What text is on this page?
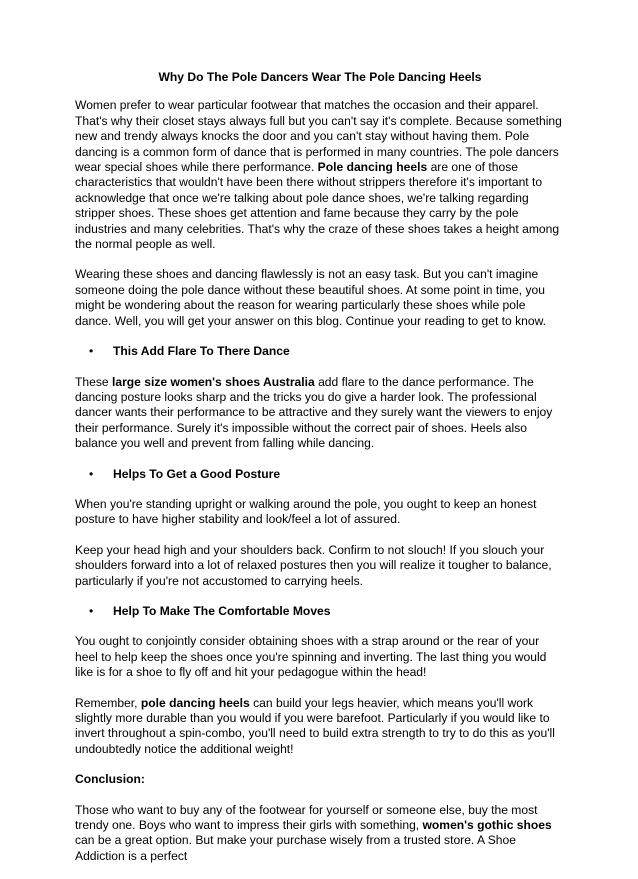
Why Do The Pole Dancers Wear The Pole Dancing Heels

Women prefer to wear particular footwear that matches the occasion and their apparel. That's why their closet stays always full but you can't say it's complete. Because something new and trendy always knocks the door and you can't stay without having them. Pole dancing is a common form of dance that is performed in many countries. The pole dancers wear special shoes while there performance. Pole dancing heels are one of those characteristics that wouldn't have been there without strippers therefore it's important to acknowledge that once we're talking about pole dance shoes, we're talking regarding stripper shoes. These shoes get attention and fame because they carry by the pole industries and many celebrities. That's why the craze of these shoes takes a height among the normal people as well.

Wearing these shoes and dancing flawlessly is not an easy task. But you can't imagine someone doing the pole dance without these beautiful shoes. At some point in time, you might be wondering about the reason for wearing particularly these shoes while pole dance. Well, you will get your answer on this blog. Continue your reading to get to know.

• This Add Flare To There Dance

These large size women's shoes Australia add flare to the dance performance. The dancing posture looks sharp and the tricks you do give a harder look. The professional dancer wants their performance to be attractive and they surely want the viewers to enjoy their performance. Surely it's impossible without the correct pair of shoes. Heels also balance you well and prevent from falling while dancing.

• Helps To Get a Good Posture

When you're standing upright or walking around the pole, you ought to keep an honest posture to have higher stability and look/feel a lot of assured.

Keep your head high and your shoulders back. Confirm to not slouch! If you slouch your shoulders forward into a lot of relaxed postures then you will realize it tougher to balance, particularly if you're not accustomed to carrying heels.

• Help To Make The Comfortable Moves

You ought to conjointly consider obtaining shoes with a strap around or the rear of your heel to help keep the shoes once you're spinning and inverting. The last thing you would like is for a shoe to fly off and hit your pedagogue within the head!

Remember, pole dancing heels can build your legs heavier, which means you'll work slightly more durable than you would if you were barefoot. Particularly if you would like to invert throughout a spin-combo, you'll need to build extra strength to try to do this as you'll undoubtedly notice the additional weight!

Conclusion:

Those who want to buy any of the footwear for yourself or someone else, buy the most trendy one. Boys who want to impress their girls with something, women's gothic shoes can be a great option. But make your purchase wisely from a trusted store. A Shoe Addiction is a perfect
